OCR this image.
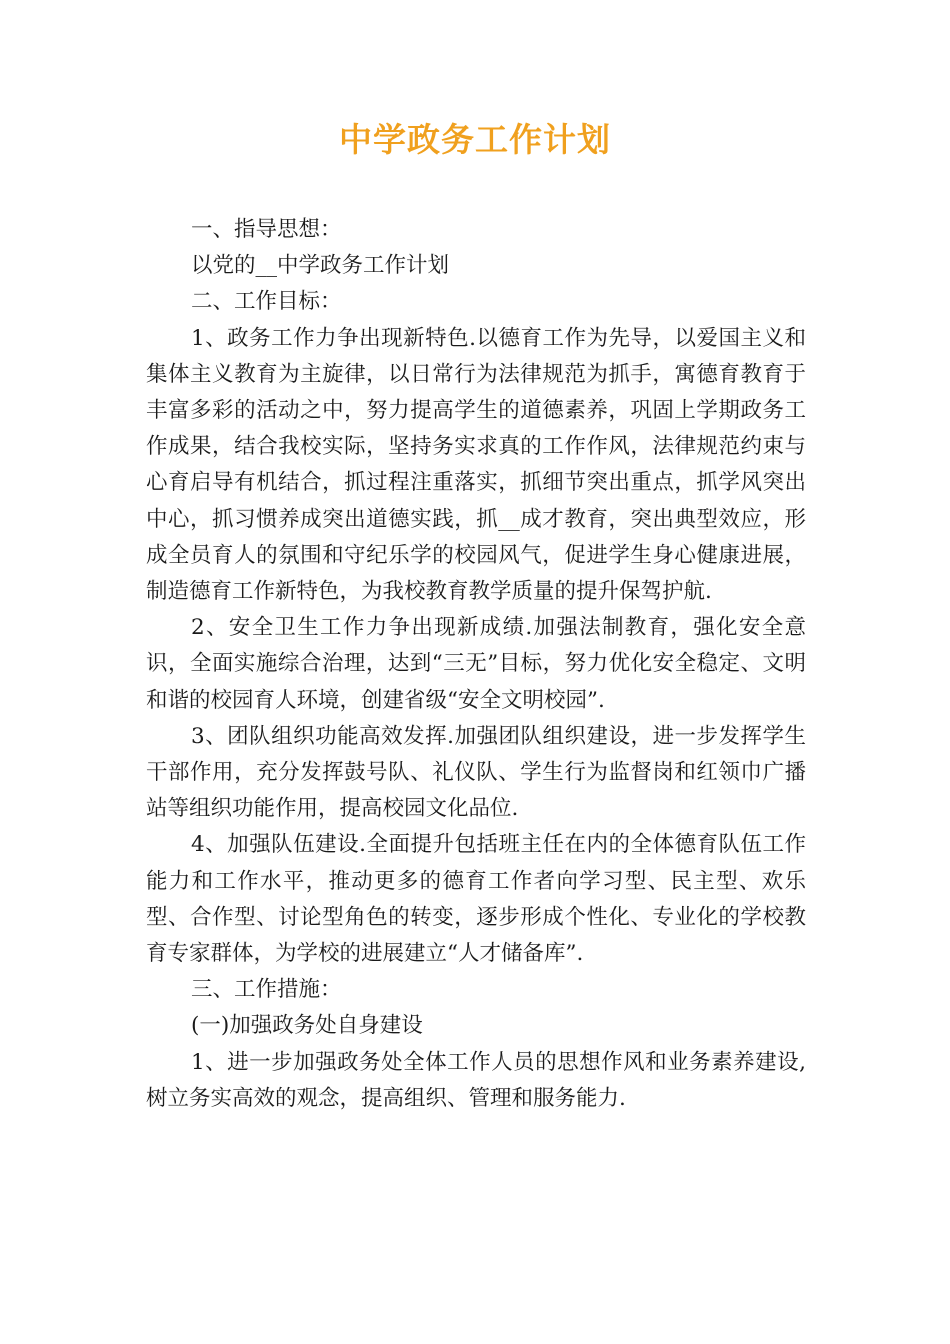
中学政务工作计划

一、指导思想：

以党的__中学政务工作计划

二、工作目标：

1、政务工作力争出现新特色.以德育工作为先导，以爱国主义和集体主义教育为主旋律，以日常行为法律规范为抓手，寓德育教育于丰富多彩的活动之中，努力提高学生的道德素养，巩固上学期政务工作成果，结合我校实际，坚持务实求真的工作作风，法律规范约束与心育启导有机结合，抓过程注重落实，抓细节突出重点，抓学风突出中心，抓习惯养成突出道德实践，抓__成才教育，突出典型效应，形成全员育人的氛围和守纪乐学的校园风气，促进学生身心健康进展，制造德育工作新特色，为我校教育教学质量的提升保驾护航.

2、安全卫生工作力争出现新成绩.加强法制教育，强化安全意识，全面实施综合治理，达到“三无”目标，努力优化安全稳定、文明和谐的校园育人环境，创建省级“安全文明校园”.

3、团队组织功能高效发挥.加强团队组织建设，进一步发挥学生干部作用，充分发挥鼓号队、礼仪队、学生行为监督岗和红领巾广播站等组织功能作用，提高校园文化品位.

4、加强队伍建设.全面提升包括班主任在内的全体德育队伍工作能力和工作水平，推动更多的德育工作者向学习型、民主型、欢乐型、合作型、讨论型角色的转变，逐步形成个性化、专业化的学校教育专家群体，为学校的进展建立“人才储备库”.

三、工作措施：

(一)加强政务处自身建设

1、进一步加强政务处全体工作人员的思想作风和业务素养建设,树立务实高效的观念，提高组织、管理和服务能力.
